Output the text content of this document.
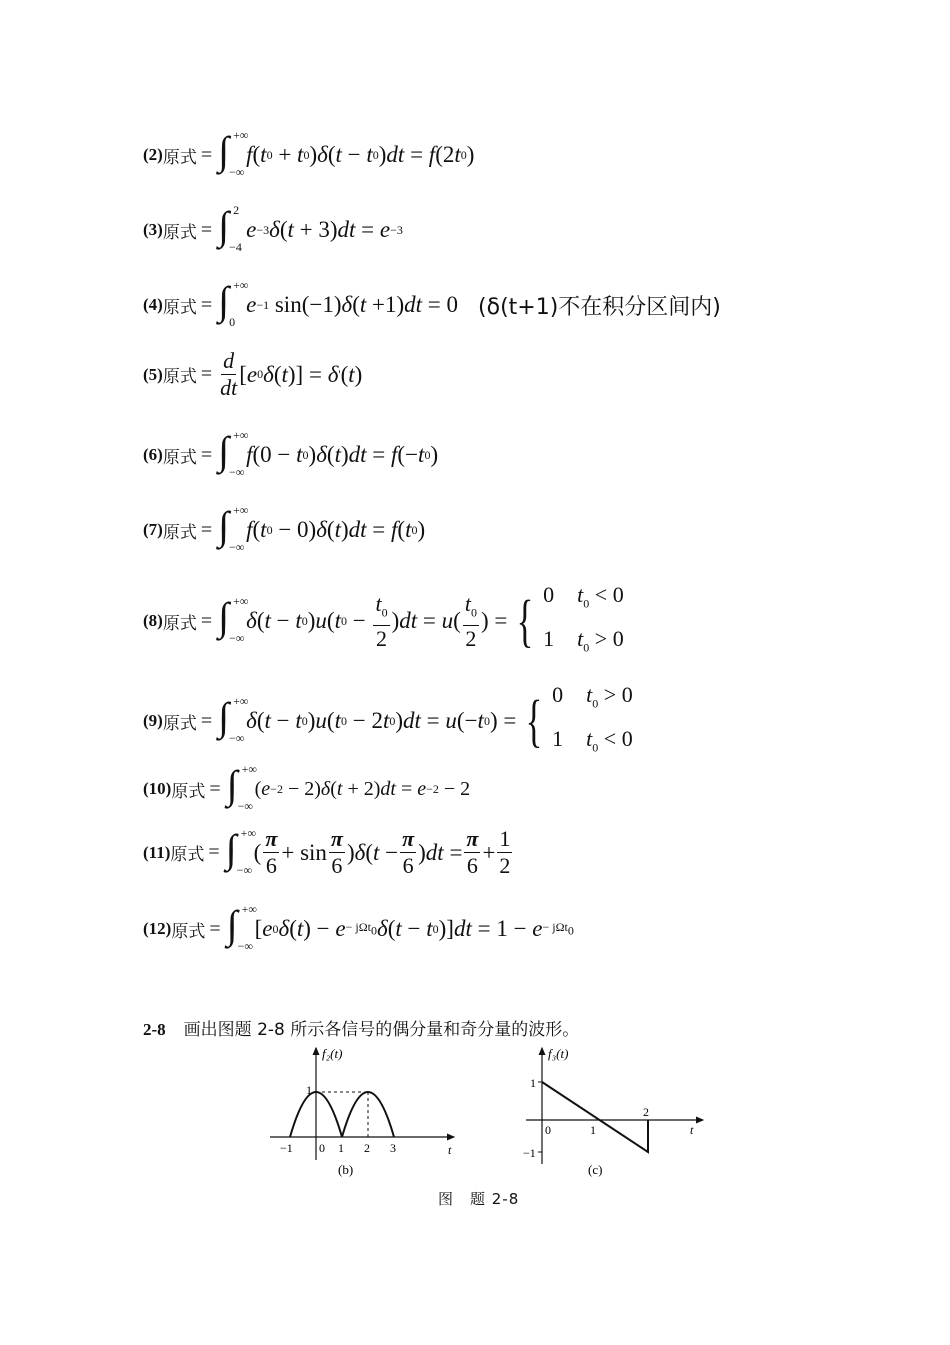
(2) 原式 = ∫ +∞
−∞
f ( t 0 + t 0 ) δ ( t − t 0 ) dt = f (2 t 0 )
(3) 原式 = ∫ 2
−4
e −3 δ ( t + 3) dt = e −3
(4) 原式 = ∫ +∞
0
e −1 sin(−1) δ ( t +1) dt = 0 (δ(t+1)不在积分区间内)
(5) 原式 = $\frac{d}{dt}$ [ e 0 δ ( t )] = δ ' ( t )
(6) 原式 = ∫ +∞
−∞
f (0 − t 0 ) δ ( t ) dt = f (− t 0 )
(7) 原式 = ∫ +∞
−∞
f ( t 0 − 0) δ ( t ) dt = f ( t 0 )
(8) 原式 = ∫ +∞
−∞
δ ( t − t 0 ) u ( t $0 - \frac{t_0}{2}$ ) dt = u ( $\frac{t_0}{2}$ ) = { 0 $t_0 < 0$
1 $t_0 > 0$
(9) 原式 = ∫ +∞
−∞
δ ( t − t 0 ) u ( t 0 − 2 t 0 ) dt = u (− t 0 ) = { 0 $t_0 > 0$
1 $t_0 < 0$
(10) 原式 = ∫ +∞
−∞
( e −2 − 2) δ ( t + 2) dt = e −2 − 2
(11) 原式 = ∫ +∞
−∞
( $\frac{\pi}{6} + \sin \frac{\pi}{6}$ ) δ ( $t - \frac{\pi}{6}$ ) dt = $\frac{\pi}{6} + \frac{1}{2}$
(12) 原式 = ∫ +∞
−∞
[ e 0 δ ( t ) − e − jΩt$_0$ δ ( t − t 0 )] dt = 1 − e − jΩt$_0$
2-8 画出图题 2-8 所示各信号的偶分量和奇分量的波形。
f₂(t)
t
1
−1 0 1 2 3
(b)
f₃(t)
t
1
−1
0	1
2
(c)
图　题 2-8
